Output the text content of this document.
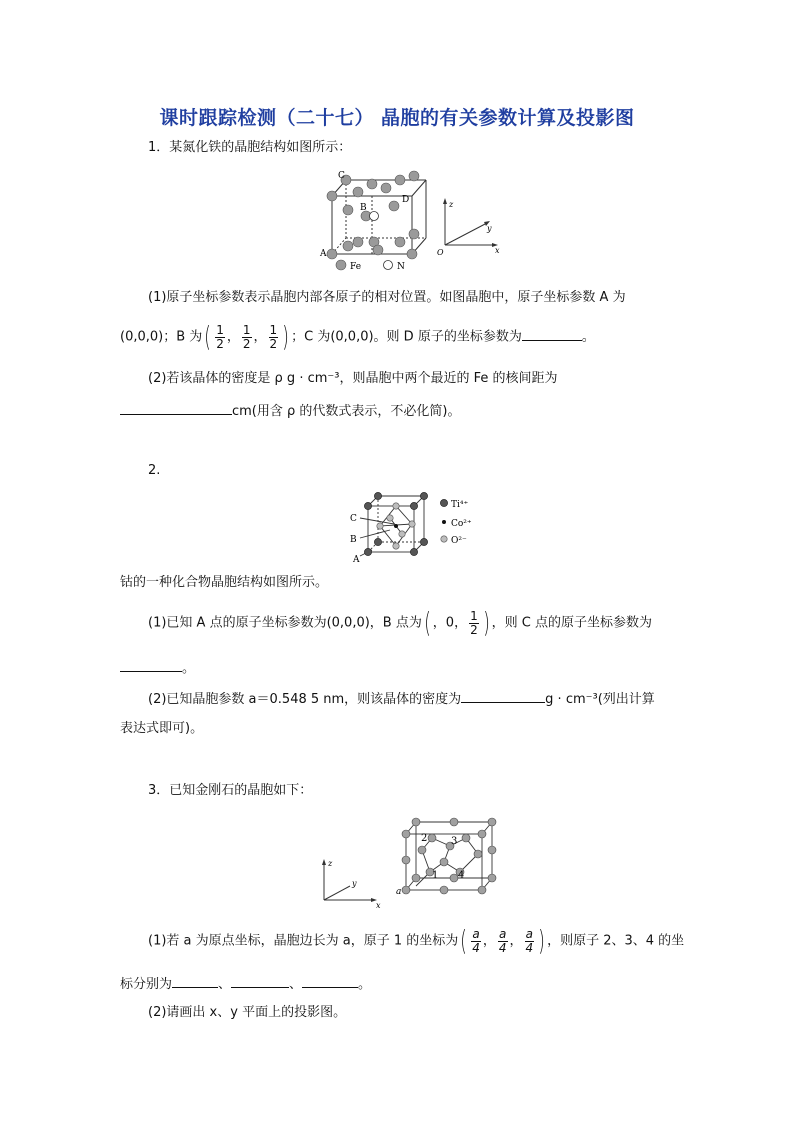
课时跟踪检测（二十七） 晶胞的有关参数计算及投影图
1．某氮化铁的晶胞结构如图所示：
C
B
D
A
Fe	N
z
y
x
O
(1)原子坐标参数表示晶胞内部各原子的相对位置。如图晶胞中，原子坐标参数 A 为
(0,0,0)；B 为( $\frac{1}{2}$ ， $\frac{1}{2}$ ， $\frac{1}{2}$ ) ；C 为(0,0,0)。则 D 原子的坐标参数为	。
(2)若该晶体的密度是 ρ g · cm⁻³，则晶胞中两个最近的 Fe 的核间距为
cm(用含 ρ 的代数式表示，不必化简)。
2.
C
B
A
Ti⁴⁺
Co²⁺
O²⁻
钴的一种化合物晶胞结构如图所示。
(1)已知 A 点的原子坐标参数为(0,0,0)，B 点为( ，0， $\frac{1}{2}$ ) ，则 C 点的原子坐标参数为
。
(2)已知晶胞参数 a＝0.548 5 nm，则该晶体的密度为	g · cm⁻³(列出计算
表达式即可)。
3．已知金刚石的晶胞如下：
2 3
1 4
a
z
y
x
(1)若 a 为原点坐标，晶胞边长为 a，原子 1 的坐标为( $\frac{a}{4}$ ， $\frac{a}{4}$ ， $\frac{a}{4}$ ) ，则原子 2、3、4 的坐
标分别为	、	、	。
(2)请画出 x、y 平面上的投影图。
